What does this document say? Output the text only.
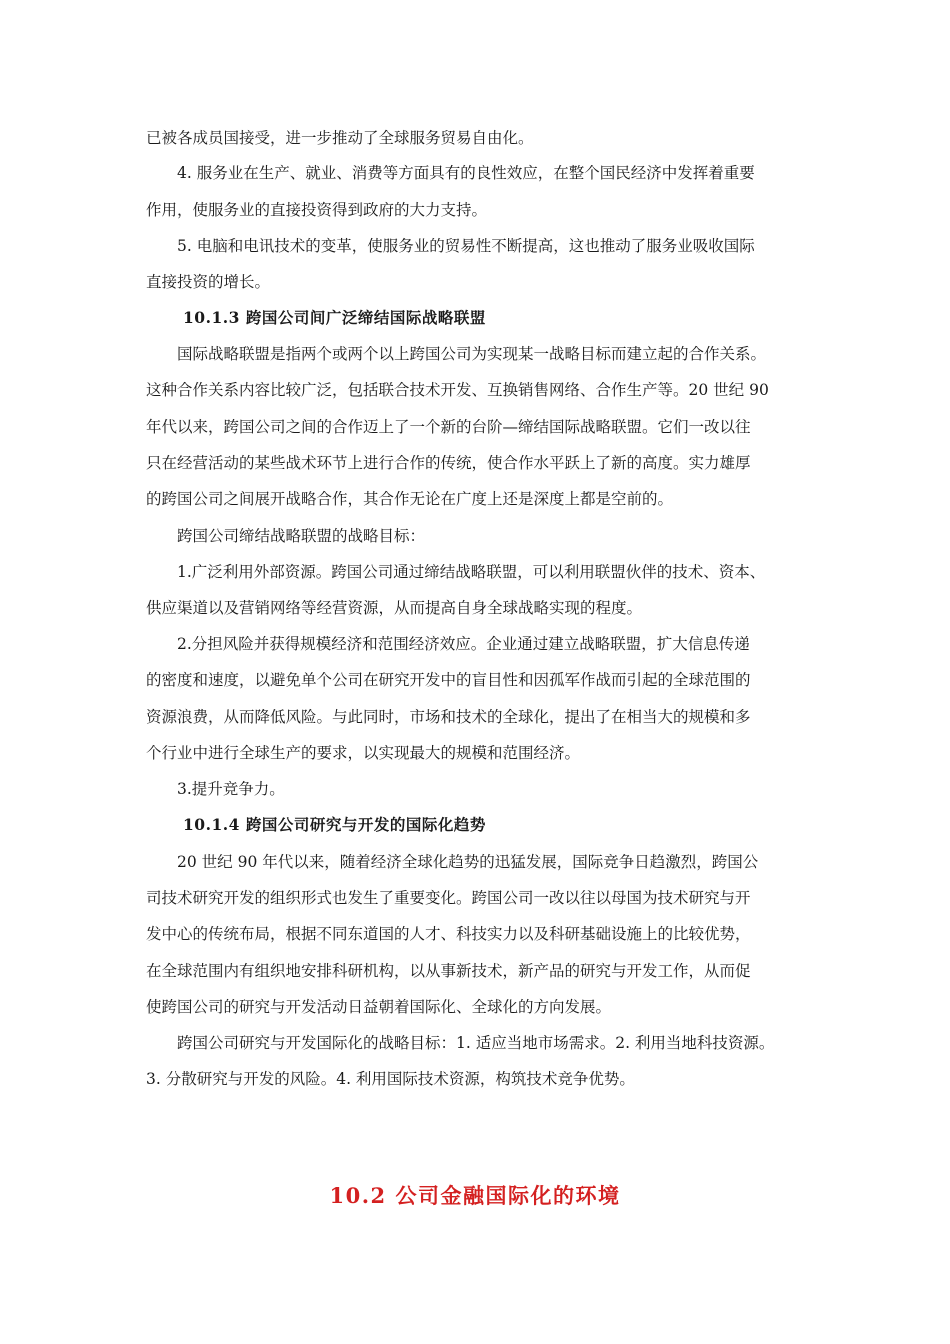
已被各成员国接受，进一步推动了全球服务贸易自由化。
4. 服务业在生产、就业、消费等方面具有的良性效应，在整个国民经济中发挥着重要
作用，使服务业的直接投资得到政府的大力支持。
5. 电脑和电讯技术的变革，使服务业的贸易性不断提高，这也推动了服务业吸收国际
直接投资的增长。
10.1.3 跨国公司间广泛缔结国际战略联盟
国际战略联盟是指两个或两个以上跨国公司为实现某一战略目标而建立起的合作关系。
这种合作关系内容比较广泛，包括联合技术开发、互换销售网络、合作生产等。20 世纪 90
年代以来，跨国公司之间的合作迈上了一个新的台阶—缔结国际战略联盟。它们一改以往
只在经营活动的某些战术环节上进行合作的传统，使合作水平跃上了新的高度。实力雄厚
的跨国公司之间展开战略合作，其合作无论在广度上还是深度上都是空前的。
跨国公司缔结战略联盟的战略目标：
1.广泛利用外部资源。跨国公司通过缔结战略联盟，可以利用联盟伙伴的技术、资本、
供应渠道以及营销网络等经营资源，从而提高自身全球战略实现的程度。
2.分担风险并获得规模经济和范围经济效应。企业通过建立战略联盟，扩大信息传递
的密度和速度，以避免单个公司在研究开发中的盲目性和因孤军作战而引起的全球范围的
资源浪费，从而降低风险。与此同时，市场和技术的全球化，提出了在相当大的规模和多
个行业中进行全球生产的要求，以实现最大的规模和范围经济。
3.提升竞争力。
10.1.4 跨国公司研究与开发的国际化趋势
20 世纪 90 年代以来，随着经济全球化趋势的迅猛发展，国际竞争日趋激烈，跨国公
司技术研究开发的组织形式也发生了重要变化。跨国公司一改以往以母国为技术研究与开
发中心的传统布局，根据不同东道国的人才、科技实力以及科研基础设施上的比较优势，
在全球范围内有组织地安排科研机构，以从事新技术，新产品的研究与开发工作，从而促
使跨国公司的研究与开发活动日益朝着国际化、全球化的方向发展。
跨国公司研究与开发国际化的战略目标：1. 适应当地市场需求。2. 利用当地科技资源。
3. 分散研究与开发的风险。4. 利用国际技术资源，构筑技术竞争优势。
10.2 公司金融国际化的环境
